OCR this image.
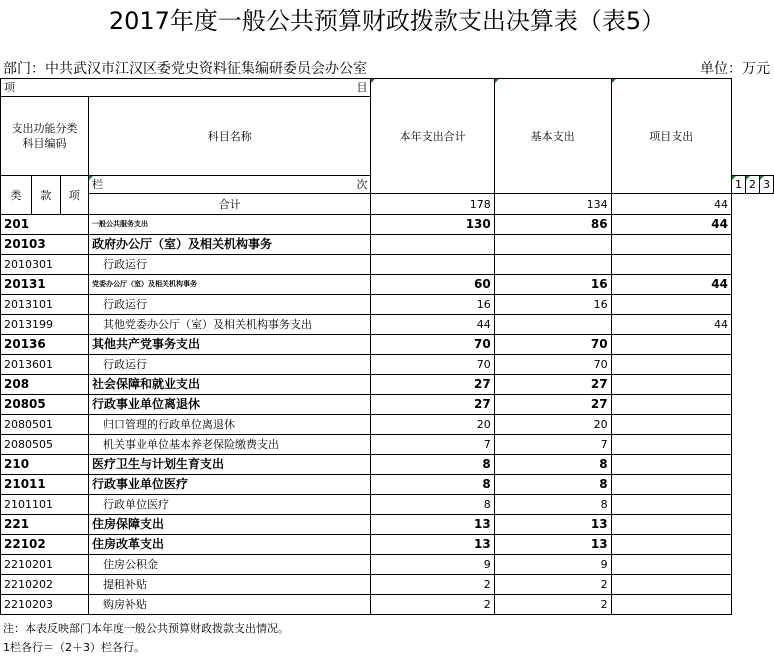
2017年度一般公共预算财政拨款支出决算表（表5）
部门：中共武汉市江汉区委党史资料征集编研委员会办公室	单位：万元
项 目				本年支出合计	基本支出	项目支出			

支出功能分类
科目编码			科目名称						
类	款	项	栏 次				1	2	3
			合计	178	134	44			
201			一般公共服务支出	130	86	44			
20103			政府办公厅（室）及相关机构事务						
2010301			行政运行						
20131			党委办公厅（室）及相关机构事务	60	16	44			
2013101			行政运行	16	16				
2013199			其他党委办公厅（室）及相关机构事务支出	44		44			
20136			其他共产党事务支出	70	70				
2013601			行政运行	70	70				
208			社会保障和就业支出	27	27				
20805			行政事业单位离退休	27	27				
2080501			归口管理的行政单位离退休	20	20				
2080505			机关事业单位基本养老保险缴费支出	7	7				
210			医疗卫生与计划生育支出	8	8				
21011			行政事业单位医疗	8	8				
2101101			行政单位医疗	8	8				
221			住房保障支出	13	13				
22102			住房改革支出	13	13				
2210201			住房公积金	9	9				
2210202			提租补贴	2	2				
2210203			购房补贴	2	2				
注：本表反映部门本年度一般公共预算财政拨款支出情况。
1栏各行＝（2＋3）栏各行。
